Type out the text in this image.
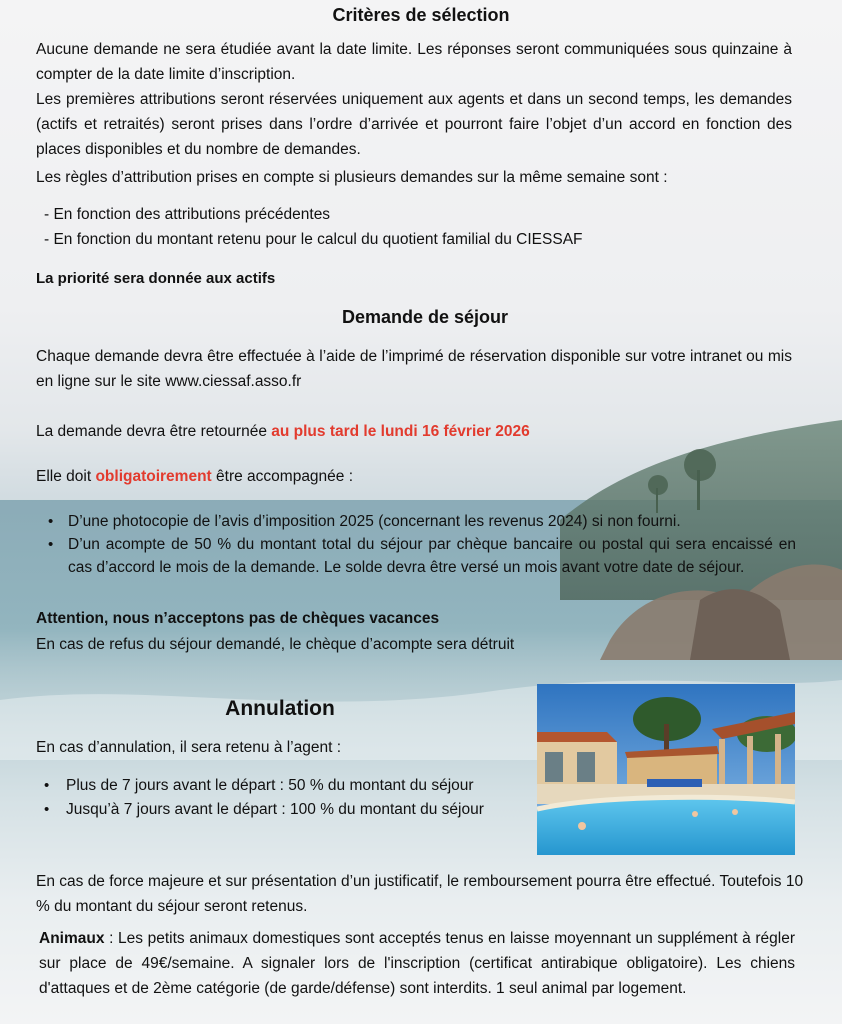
Critères de sélection
Aucune demande ne sera étudiée avant la date limite. Les réponses seront communiquées sous quinzaine à compter de la date limite d’inscription.
Les premières attributions seront réservées uniquement aux agents et dans un second temps, les demandes (actifs et retraités) seront prises dans l’ordre d’arrivée et pourront faire l’objet d’un accord en fonction des places disponibles et du nombre de demandes.
Les règles d’attribution prises en compte si plusieurs demandes sur la même semaine sont :
- En fonction des attributions précédentes
- En fonction du montant retenu pour le calcul du quotient familial du CIESSAF
La priorité sera donnée aux actifs
Demande de séjour
Chaque demande devra être effectuée à l’aide de l’imprimé de réservation disponible sur votre intranet ou mis en ligne sur le site www.ciessaf.asso.fr
La demande devra être retournée au plus tard le lundi 16 février 2026
Elle doit obligatoirement être accompagnée :
• D’une photocopie de l’avis d’imposition 2025 (concernant les revenus 2024) si non fourni.
• D’un acompte de 50 % du montant total du séjour par chèque bancaire ou postal qui sera encaissé en cas d’accord le mois de la demande. Le solde devra être versé un mois avant votre date de séjour.
Attention, nous n’acceptons pas de chèques vacances
En cas de refus du séjour demandé, le chèque d’acompte sera détruit
Annulation
En cas d’annulation, il sera retenu à l’agent :
• Plus de 7 jours avant le départ : 50 % du montant du séjour
• Jusqu’à 7 jours avant le départ : 100 % du montant du séjour
En cas de force majeure et sur présentation d’un justificatif, le remboursement pourra être effectué. Toutefois 10 % du montant du séjour seront retenus.
Animaux : Les petits animaux domestiques sont acceptés tenus en laisse moyennant un supplément à régler sur place de 49€/semaine. A signaler lors de l'inscription (certificat antirabique obligatoire). Les chiens d'attaques et de 2ème catégorie (de garde/défense) sont interdits. 1 seul animal par logement.
